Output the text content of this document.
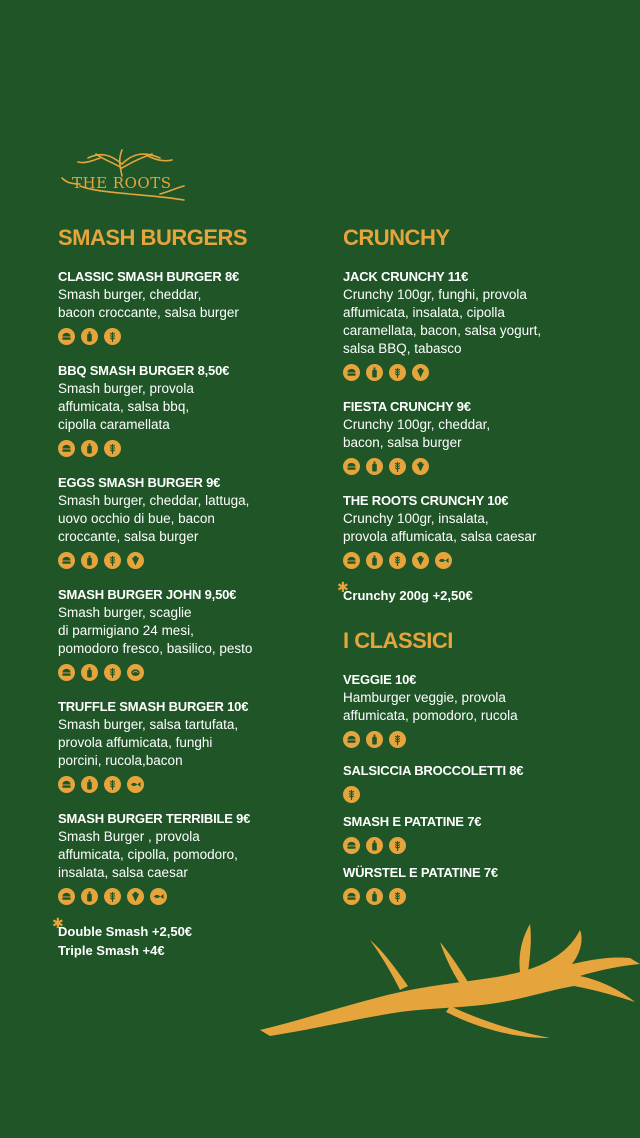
THE ROOTS
SMASH BURGERS
CLASSIC SMASH BURGER 8€
Smash burger, cheddar,
bacon croccante, salsa burger
BBQ SMASH BURGER 8,50€
Smash burger, provola
affumicata, salsa bbq,
cipolla caramellata
EGGS SMASH BURGER 9€
Smash burger, cheddar, lattuga,
uovo occhio di bue, bacon
croccante, salsa burger
SMASH BURGER JOHN 9,50€
Smash burger, scaglie
di parmigiano 24 mesi,
pomodoro fresco, basilico, pesto
TRUFFLE SMASH BURGER 10€
Smash burger, salsa tartufata,
provola affumicata, funghi
porcini, rucola,bacon
SMASH BURGER TERRIBILE 9€
Smash Burger , provola
affumicata, cipolla, pomodoro,
insalata, salsa caesar
✱
Double Smash +2,50€
Triple Smash +4€
CRUNCHY
JACK CRUNCHY 11€
Crunchy 100gr, funghi, provola
affumicata, insalata, cipolla
caramellata, bacon, salsa yogurt,
salsa BBQ, tabasco
FIESTA CRUNCHY 9€
Crunchy 100gr, cheddar,
bacon, salsa burger
THE ROOTS CRUNCHY 10€
Crunchy 100gr, insalata,
provola affumicata, salsa caesar
✱
Crunchy 200g +2,50€
I CLASSICI
VEGGIE 10€
Hamburger veggie, provola
affumicata, pomodoro, rucola
SALSICCIA BROCCOLETTI 8€
SMASH E PATATINE 7€
WÜRSTEL E PATATINE 7€
